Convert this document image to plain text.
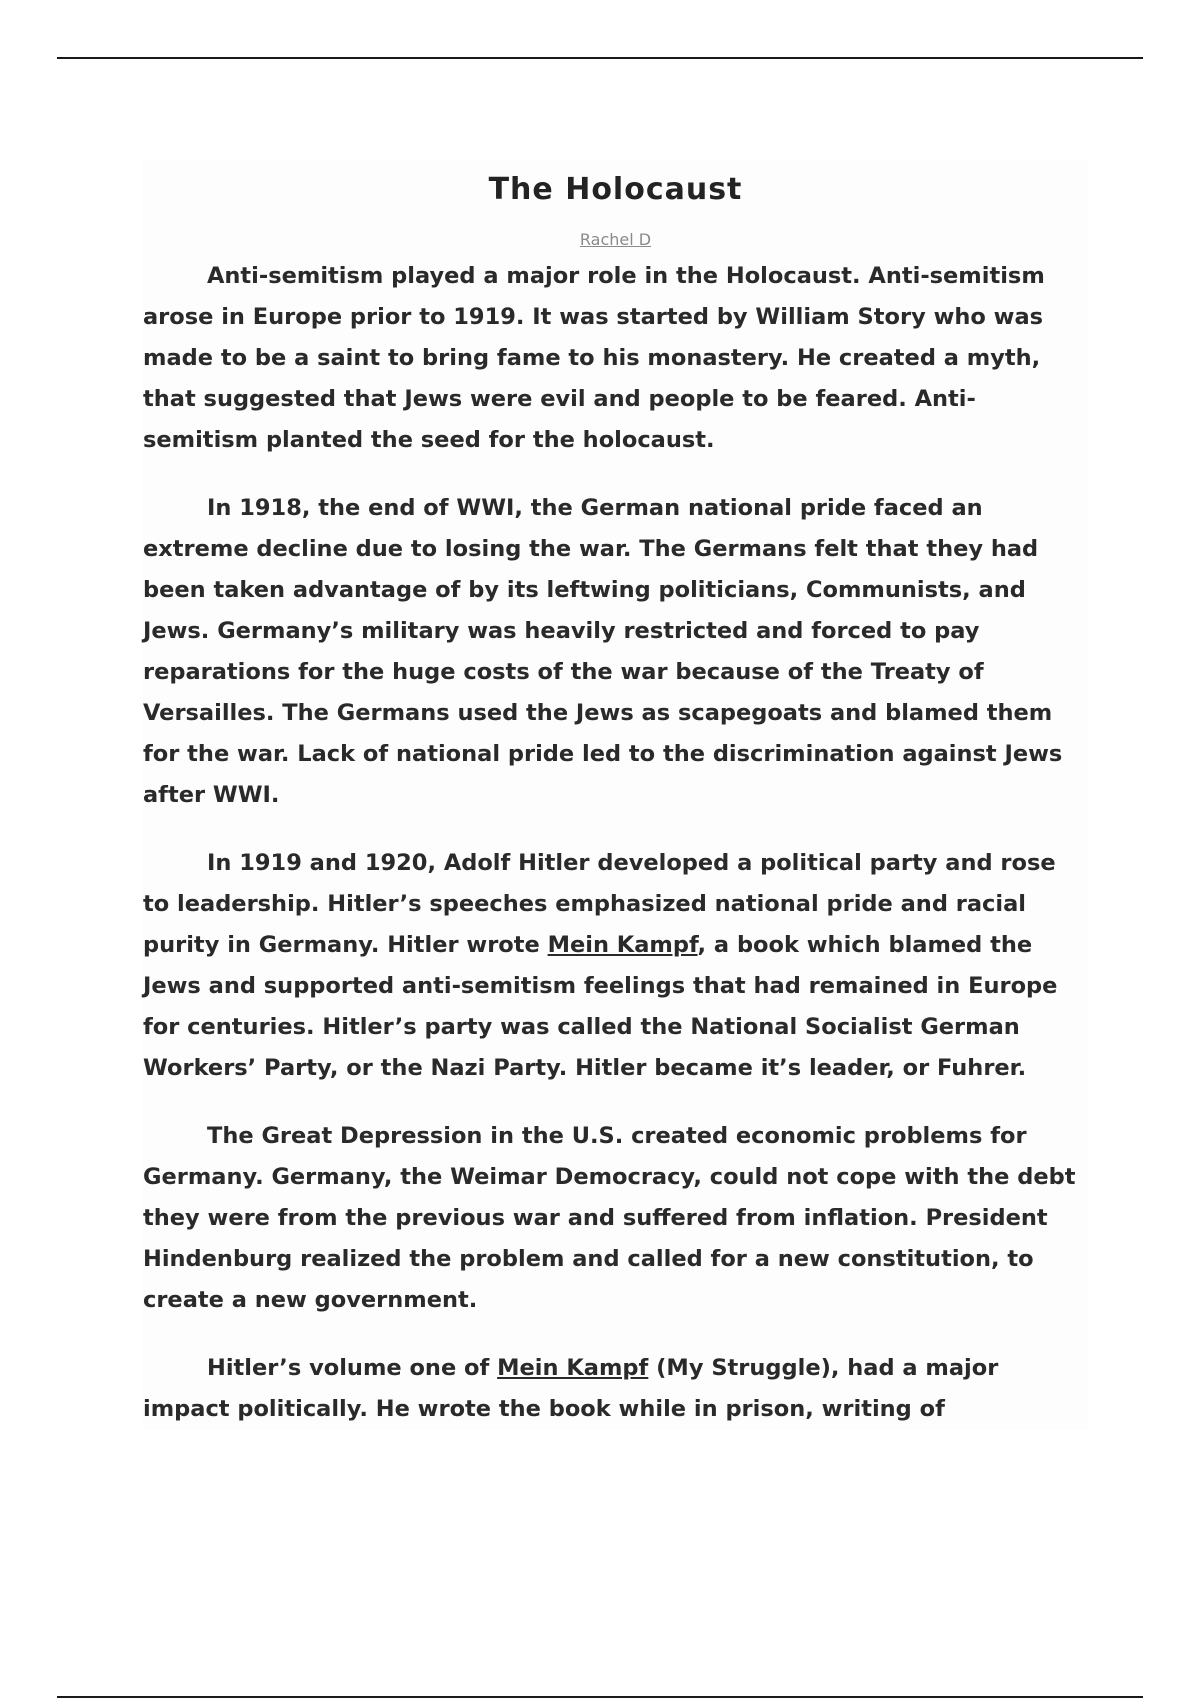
The Holocaust
Rachel D

Anti-semitism played a major role in the Holocaust. Anti-semitism arose in Europe prior to 1919. It was started by William Story who was made to be a saint to bring fame to his monastery. He created a myth, that suggested that Jews were evil and people to be feared. Anti-semitism planted the seed for the holocaust.

In 1918, the end of WWI, the German national pride faced an extreme decline due to losing the war. The Germans felt that they had been taken advantage of by its leftwing politicians, Communists, and Jews. Germany’s military was heavily restricted and forced to pay reparations for the huge costs of the war because of the Treaty of Versailles. The Germans used the Jews as scapegoats and blamed them for the war. Lack of national pride led to the discrimination against Jews after WWI.

In 1919 and 1920, Adolf Hitler developed a political party and rose to leadership. Hitler’s speeches emphasized national pride and racial purity in Germany. Hitler wrote Mein Kampf, a book which blamed the Jews and supported anti-semitism feelings that had remained in Europe for centuries. Hitler’s party was called the National Socialist German Workers’ Party, or the Nazi Party. Hitler became it’s leader, or Fuhrer.

The Great Depression in the U.S. created economic problems for Germany. Germany, the Weimar Democracy, could not cope with the debt they were from the previous war and suffered from inflation. President Hindenburg realized the problem and called for a new constitution, to create a new government.

Hitler’s volume one of Mein Kampf (My Struggle), had a major impact politically. He wrote the book while in prison, writing of
